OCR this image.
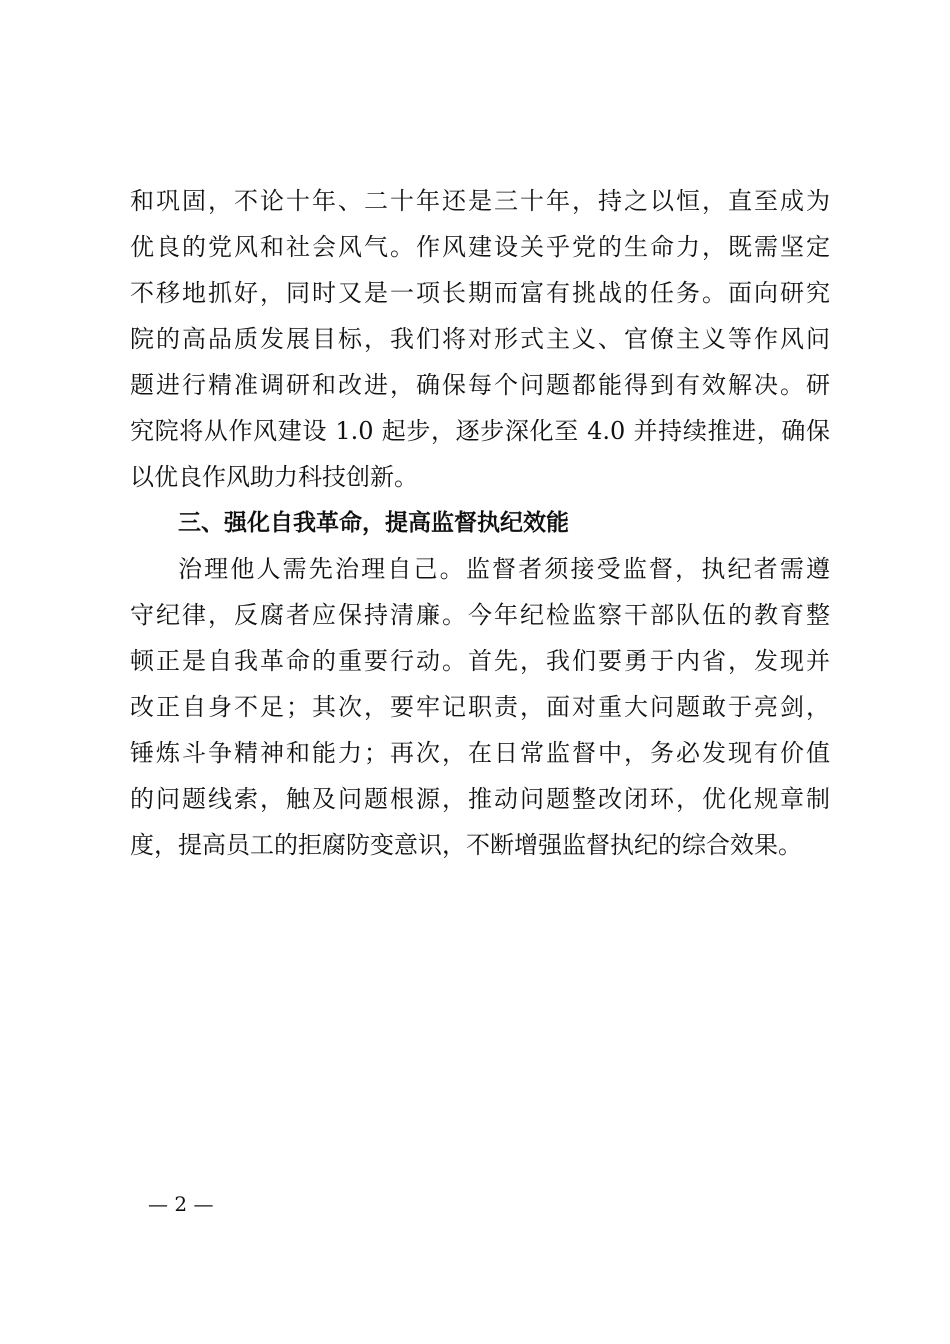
和巩固，不论十年、二十年还是三十年，持之以恒，直至成为
优良的党风和社会风气。作风建设关乎党的生命力，既需坚定
不移地抓好，同时又是一项长期而富有挑战的任务。面向研究
院的高品质发展目标，我们将对形式主义、官僚主义等作风问
题进行精准调研和改进，确保每个问题都能得到有效解决。研
究院将从作风建设 1.0 起步，逐步深化至 4.0 并持续推进，确保
以优良作风助力科技创新。
三、强化自我革命，提高监督执纪效能
治理他人需先治理自己。监督者须接受监督，执纪者需遵
守纪律，反腐者应保持清廉。今年纪检监察干部队伍的教育整
顿正是自我革命的重要行动。首先，我们要勇于内省，发现并
改正自身不足；其次，要牢记职责，面对重大问题敢于亮剑，
锤炼斗争精神和能力；再次，在日常监督中，务必发现有价值
的问题线索，触及问题根源，推动问题整改闭环，优化规章制
度，提高员工的拒腐防变意识，不断增强监督执纪的综合效果。
— 2 —
